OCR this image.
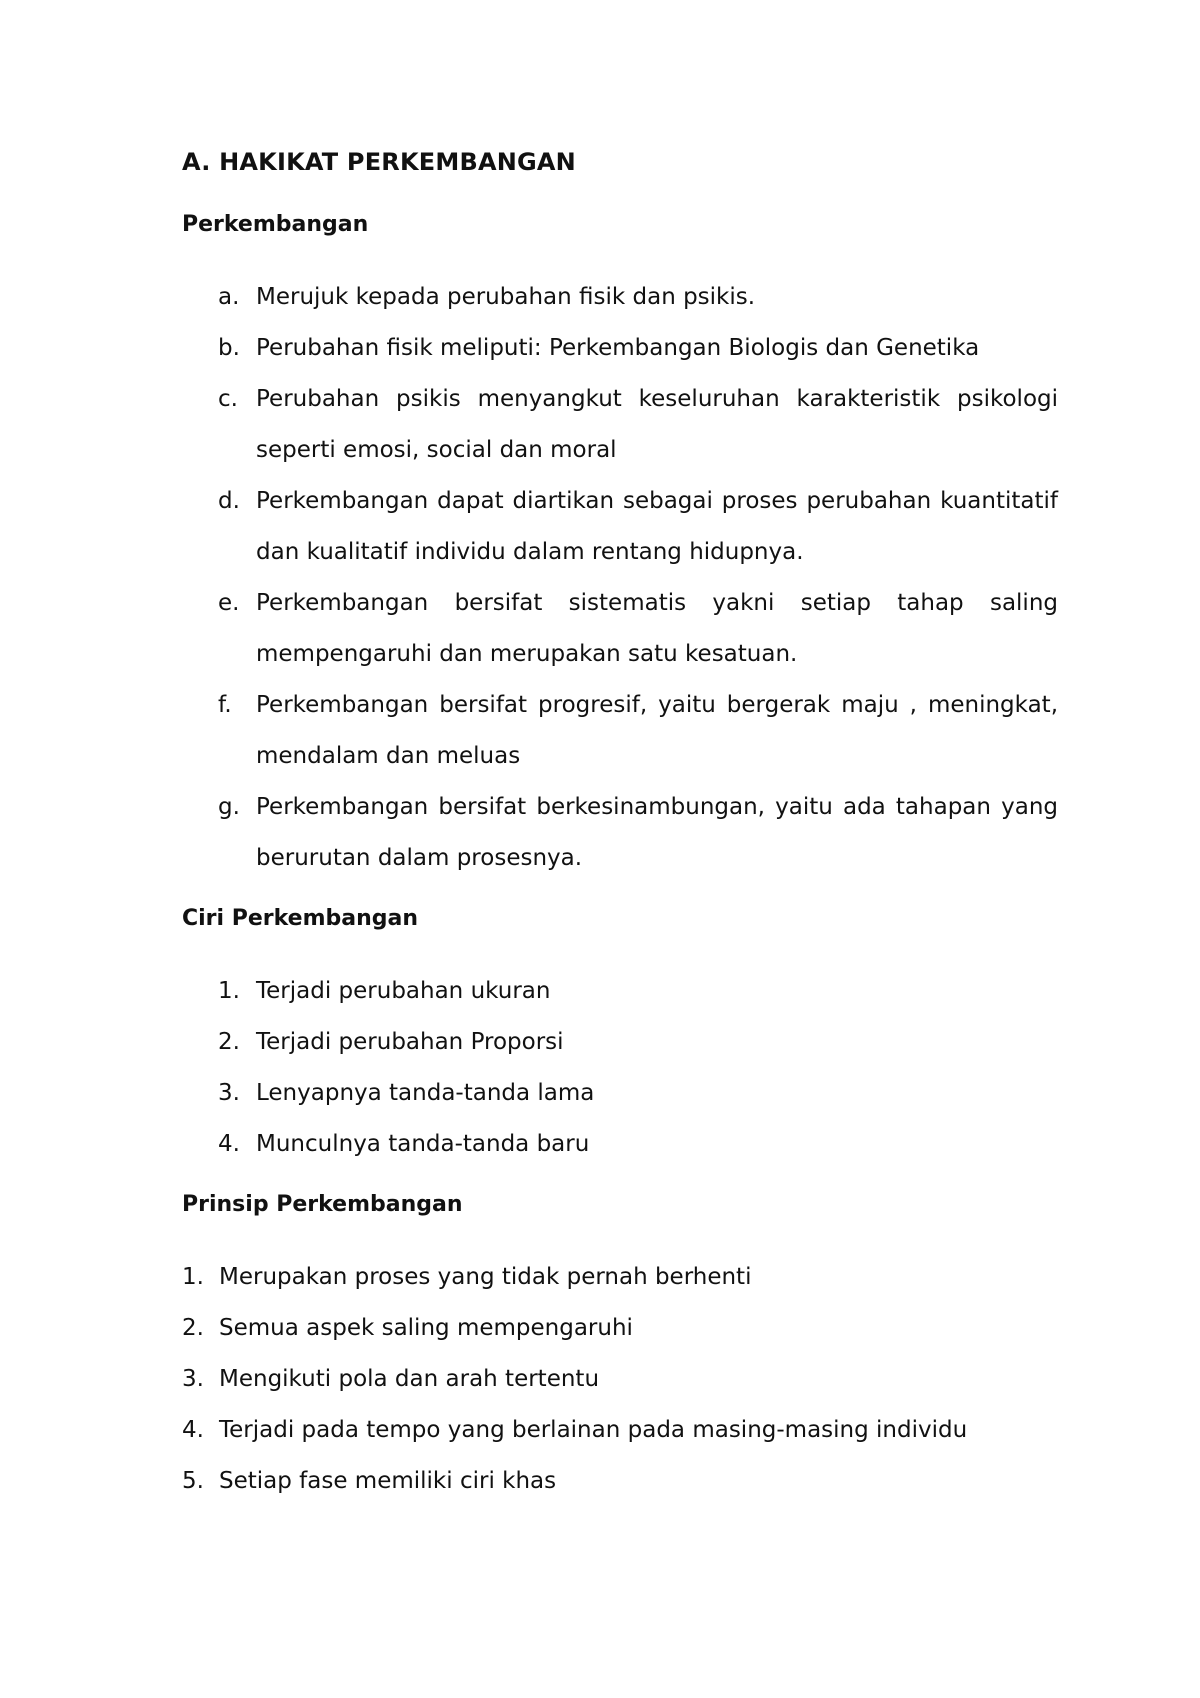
A. HAKIKAT PERKEMBANGAN
Perkembangan
a. Merujuk kepada perubahan fisik dan psikis.
b. Perubahan fisik meliputi: Perkembangan Biologis dan Genetika
c. Perubahan psikis menyangkut keseluruhan karakteristik psikologi
seperti emosi, social dan moral
d. Perkembangan dapat diartikan sebagai proses perubahan kuantitatif
dan kualitatif individu dalam rentang hidupnya.
e. Perkembangan bersifat sistematis yakni setiap tahap saling
mempengaruhi dan merupakan satu kesatuan.
f. Perkembangan bersifat progresif, yaitu bergerak maju , meningkat,
mendalam dan meluas
g. Perkembangan bersifat berkesinambungan, yaitu ada tahapan yang
berurutan dalam prosesnya.
Ciri Perkembangan
1. Terjadi perubahan ukuran
2. Terjadi perubahan Proporsi
3. Lenyapnya tanda-tanda lama
4. Munculnya tanda-tanda baru
Prinsip Perkembangan
1. Merupakan proses yang tidak pernah berhenti
2. Semua aspek saling mempengaruhi
3. Mengikuti pola dan arah tertentu
4. Terjadi pada tempo yang berlainan pada masing-masing individu
5. Setiap fase memiliki ciri khas
